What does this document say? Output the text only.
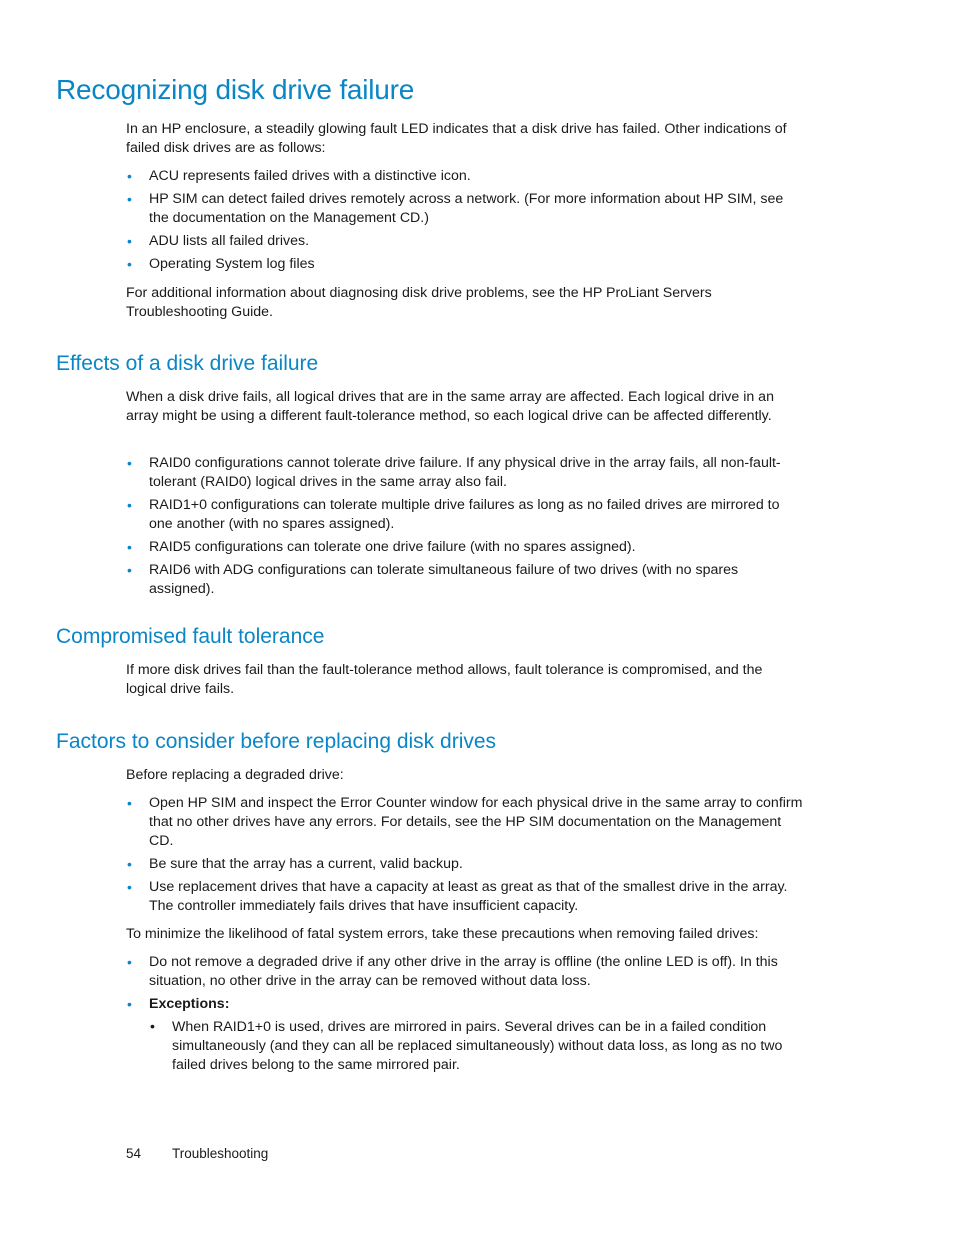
Recognizing disk drive failure

In an HP enclosure, a steadily glowing fault LED indicates that a disk drive has failed. Other indications of failed disk drives are as follows:

• ACU represents failed drives with a distinctive icon.
• HP SIM can detect failed drives remotely across a network. (For more information about HP SIM, see the documentation on the Management CD.)
• ADU lists all failed drives.
• Operating System log files

For additional information about diagnosing disk drive problems, see the HP ProLiant Servers Troubleshooting Guide.

Effects of a disk drive failure

When a disk drive fails, all logical drives that are in the same array are affected. Each logical drive in an array might be using a different fault-tolerance method, so each logical drive can be affected differently.

• RAID0 configurations cannot tolerate drive failure. If any physical drive in the array fails, all non-fault-tolerant (RAID0) logical drives in the same array also fail.
• RAID1+0 configurations can tolerate multiple drive failures as long as no failed drives are mirrored to one another (with no spares assigned).
• RAID5 configurations can tolerate one drive failure (with no spares assigned).
• RAID6 with ADG configurations can tolerate simultaneous failure of two drives (with no spares assigned).
Compromised fault tolerance

If more disk drives fail than the fault-tolerance method allows, fault tolerance is compromised, and the logical drive fails.

Factors to consider before replacing disk drives

Before replacing a degraded drive:

• Open HP SIM and inspect the Error Counter window for each physical drive in the same array to confirm that no other drives have any errors. For details, see the HP SIM documentation on the Management CD.
• Be sure that the array has a current, valid backup.
• Use replacement drives that have a capacity at least as great as that of the smallest drive in the array. The controller immediately fails drives that have insufficient capacity.

To minimize the likelihood of fatal system errors, take these precautions when removing failed drives:

• Do not remove a degraded drive if any other drive in the array is offline (the online LED is off). In this situation, no other drive in the array can be removed without data loss.
• Exceptions:
• When RAID1+0 is used, drives are mirrored in pairs. Several drives can be in a failed condition simultaneously (and they can all be replaced simultaneously) without data loss, as long as no two failed drives belong to the same mirrored pair.
54 Troubleshooting
